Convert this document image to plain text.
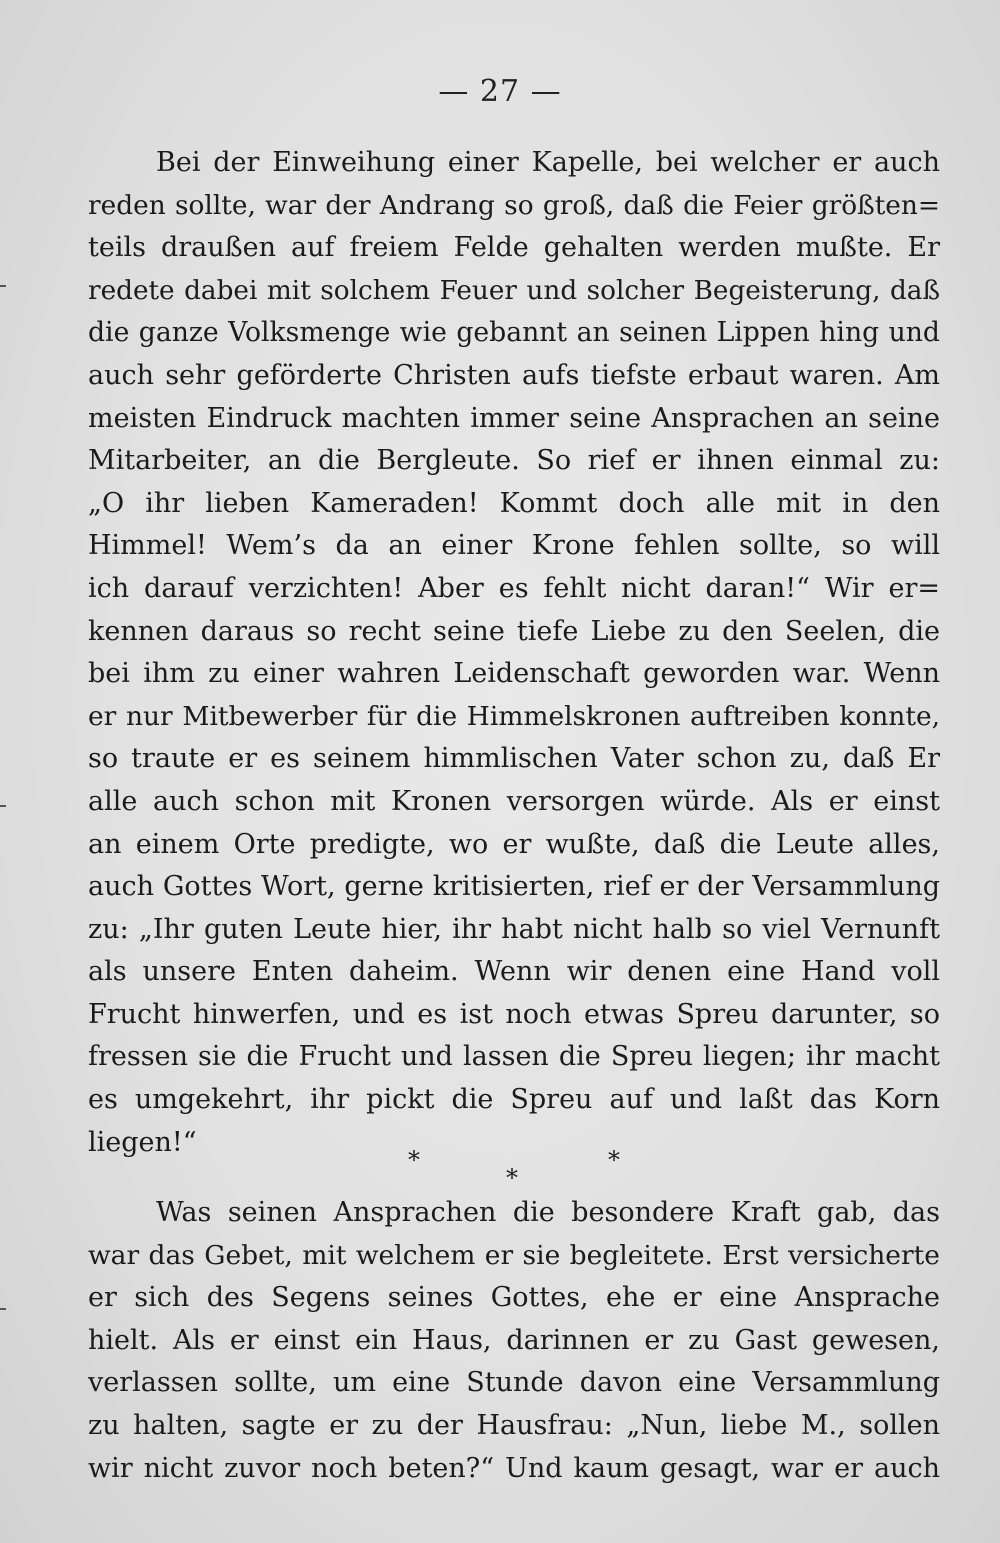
— 27 —
Bei der Einweihung einer Kapelle, bei welcher er auch
reden sollte, war der Andrang so groß, daß die Feier größten=
teils draußen auf freiem Felde gehalten werden mußte. Er
redete dabei mit solchem Feuer und solcher Begeisterung, daß
die ganze Volksmenge wie gebannt an seinen Lippen hing und
auch sehr geförderte Christen aufs tiefste erbaut waren. Am
meisten Eindruck machten immer seine Ansprachen an seine
Mitarbeiter, an die Bergleute. So rief er ihnen einmal zu:
„O ihr lieben Kameraden! Kommt doch alle mit in den
Himmel! Wem’s da an einer Krone fehlen sollte, so will
ich darauf verzichten! Aber es fehlt nicht daran!“ Wir er=
kennen daraus so recht seine tiefe Liebe zu den Seelen, die
bei ihm zu einer wahren Leidenschaft geworden war. Wenn
er nur Mitbewerber für die Himmelskronen auftreiben konnte,
so traute er es seinem himmlischen Vater schon zu, daß Er
alle auch schon mit Kronen versorgen würde. Als er einst
an einem Orte predigte, wo er wußte, daß die Leute alles,
auch Gottes Wort, gerne kritisierten, rief er der Versammlung
zu: „Ihr guten Leute hier, ihr habt nicht halb so viel Vernunft
als unsere Enten daheim. Wenn wir denen eine Hand voll
Frucht hinwerfen, und es ist noch etwas Spreu darunter, so
fressen sie die Frucht und lassen die Spreu liegen; ihr macht
es umgekehrt, ihr pickt die Spreu auf und laßt das Korn
liegen!“
*
*
*
Was seinen Ansprachen die besondere Kraft gab, das
war das Gebet, mit welchem er sie begleitete. Erst versicherte
er sich des Segens seines Gottes, ehe er eine Ansprache
hielt. Als er einst ein Haus, darinnen er zu Gast gewesen,
verlassen sollte, um eine Stunde davon eine Versammlung
zu halten, sagte er zu der Hausfrau: „Nun, liebe M., sollen
wir nicht zuvor noch beten?“ Und kaum gesagt, war er auch
